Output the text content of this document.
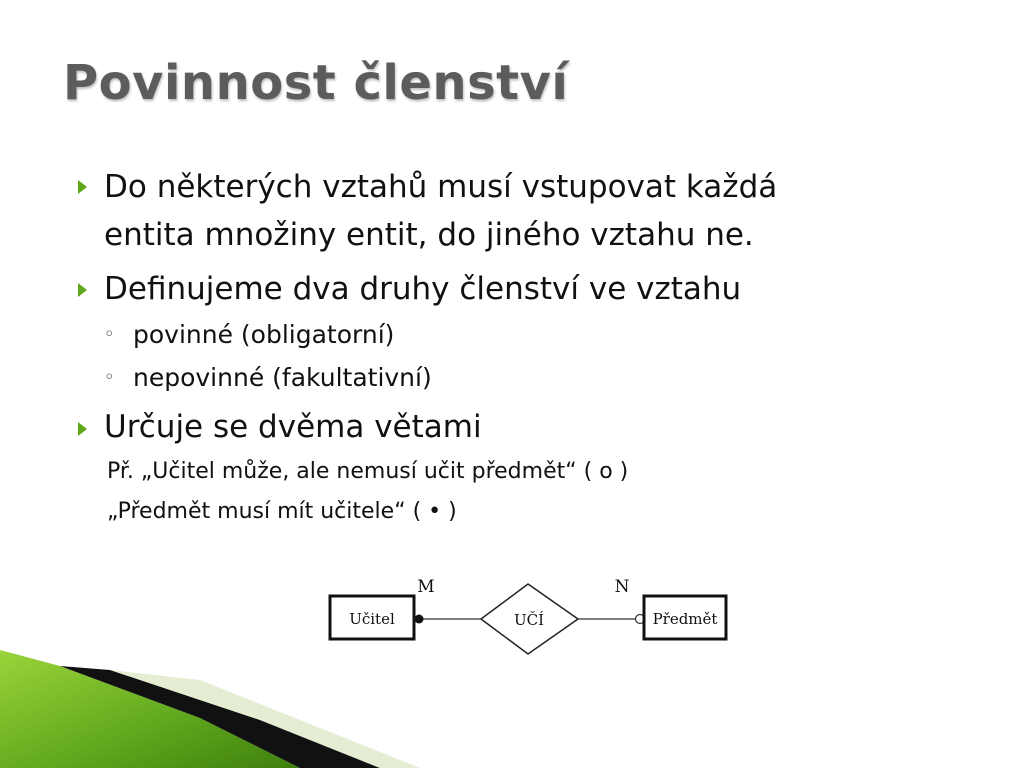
Povinnost členství
Do některých vztahů musí vstupovat každá
entita množiny entit, do jiného vztahu ne.
Definujeme dva druhy členství ve vztahu
◦ povinné (obligatorní)
◦ nepovinné (fakultativní)
Určuje se dvěma větami
Př. „Učitel může, ale nemusí učit předmět“ ( o )
„Předmět musí mít učitele“ ( • )
Učitel
M
UČÍ
N
Předmět
